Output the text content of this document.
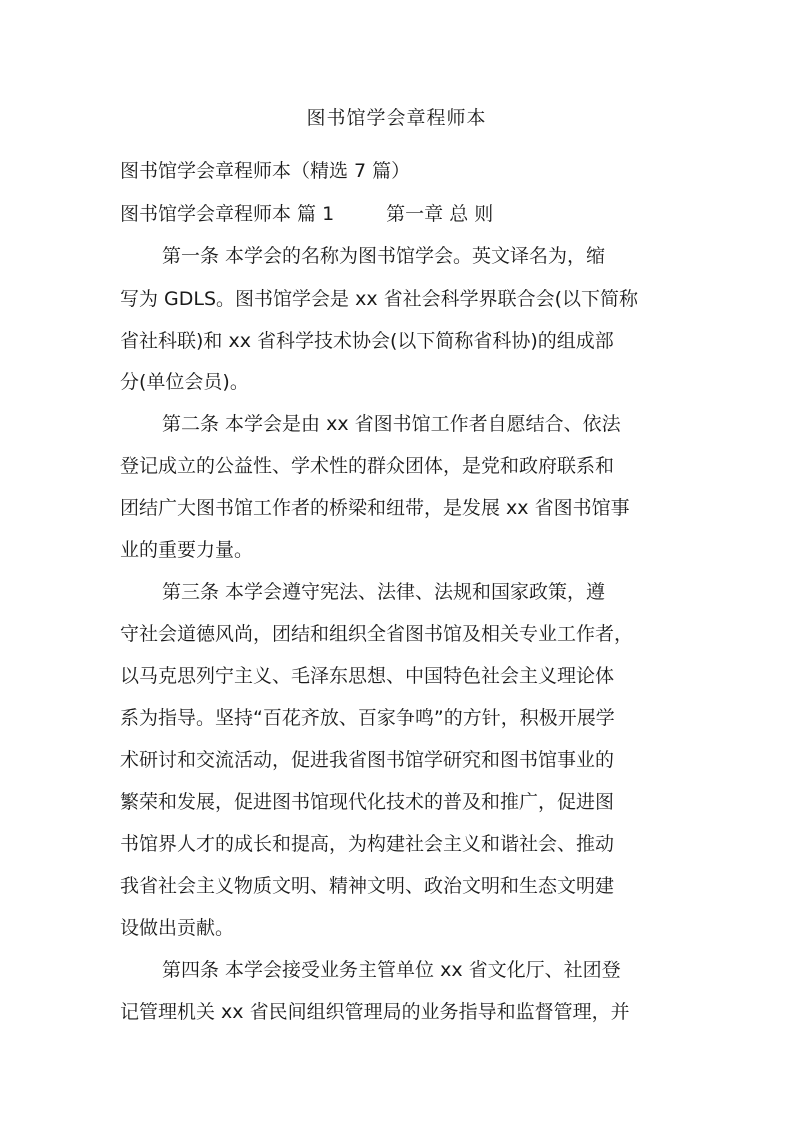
图书馆学会章程师本
图书馆学会章程师本（精选 7 篇）
图书馆学会章程师本 篇 1	第一章 总 则
第一条 本学会的名称为图书馆学会。英文译名为，缩
写为 GDLS。图书馆学会是 xx 省社会科学界联合会(以下简称
省社科联)和 xx 省科学技术协会(以下简称省科协)的组成部
分(单位会员)。
第二条 本学会是由 xx 省图书馆工作者自愿结合、依法
登记成立的公益性、学术性的群众团体，是党和政府联系和
团结广大图书馆工作者的桥梁和纽带，是发展 xx 省图书馆事
业的重要力量。
第三条 本学会遵守宪法、法律、法规和国家政策，遵
守社会道德风尚，团结和组织全省图书馆及相关专业工作者，
以马克思列宁主义、毛泽东思想、中国特色社会主义理论体
系为指导。坚持“百花齐放、百家争鸣”的方针，积极开展学
术研讨和交流活动，促进我省图书馆学研究和图书馆事业的
繁荣和发展，促进图书馆现代化技术的普及和推广，促进图
书馆界人才的成长和提高，为构建社会主义和谐社会、推动
我省社会主义物质文明、精神文明、政治文明和生态文明建
设做出贡献。
第四条 本学会接受业务主管单位 xx 省文化厅、社团登
记管理机关 xx 省民间组织管理局的业务指导和监督管理，并
